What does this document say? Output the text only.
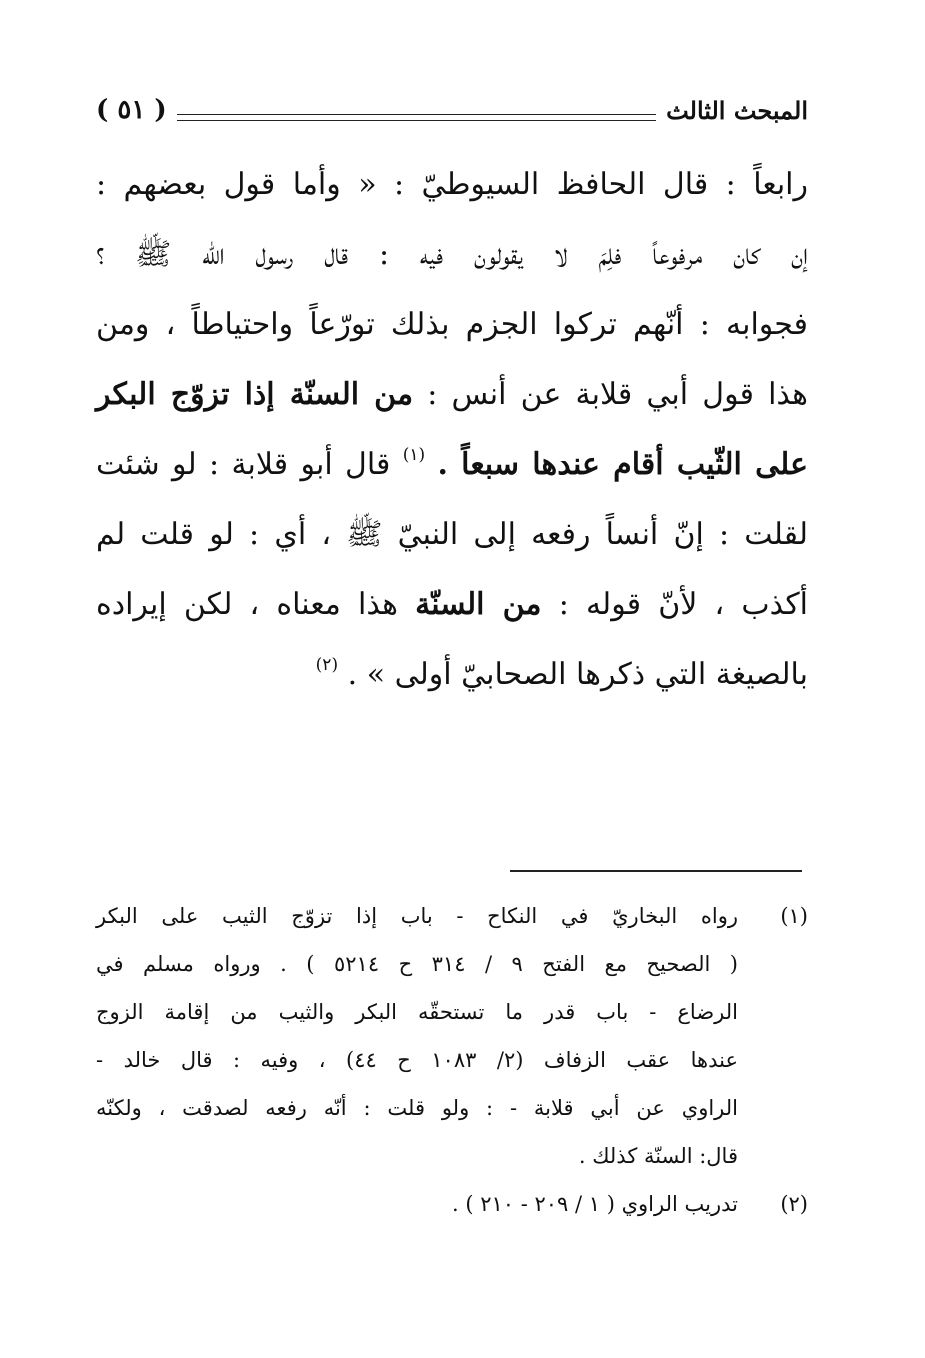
المبحث الثالث
( ٥١ )
رابعاً : قال الحافظ السيوطيّ : « وأما قول بعضهم :
إن كان مرفوعاً فلِمَ لا يقولون فيه : قال رسول الله ﷺ ؟
فجوابه : أنّهم تركوا الجزم بذلك تورّعاً واحتياطاً ، ومن
هذا قول أبي قلابة عن أنس : من السنّة إذا تزوّج البكر
على الثّيب أقام عندها سبعاً . $^{(١)}$ قال أبو قلابة : لو شئت
لقلت : إنّ أنساً رفعه إلى النبيّ ﷺ ، أي : لو قلت لم
أكذب ، لأنّ قوله : من السنّة هذا معناه ، لكن إيراده
بالصيغة التي ذكرها الصحابيّ أولى » . $^{(٢)}$
(١)
رواه البخاريّ في النكاح - باب إذا تزوّج الثيب على البكر
( الصحيح مع الفتح ٩ / ٣١٤ ح ٥٢١٤ ) . ورواه مسلم في
الرضاع - باب قدر ما تستحقّه البكر والثيب من إقامة الزوج
عندها عقب الزفاف (٢/ ١٠٨٣ ح ٤٤) ، وفيه : قال خالد -
الراوي عن أبي قلابة - : ولو قلت : أنّه رفعه لصدقت ، ولكنّه
قال: السنّة كذلك .
(٢)
تدريب الراوي ( ١ / ٢٠٩ - ٢١٠ ) .
